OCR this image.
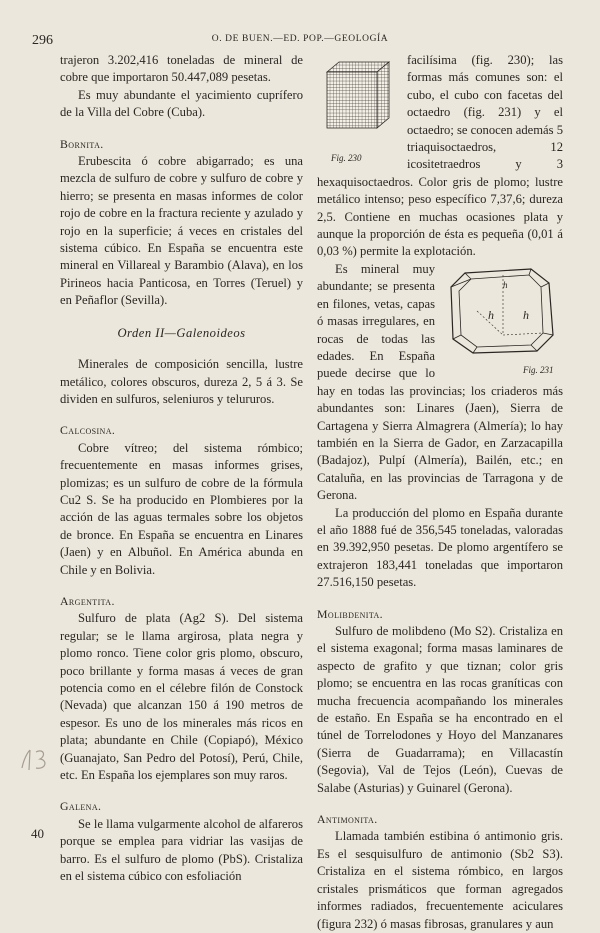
296	O. DE BUEN.—ED. POP.—GEOLOGÍA

trajeron 3.202,416 toneladas de mineral de cobre que importaron 50.447,089 pesetas.

Es muy abundante el yacimiento cuprífero de la Villa del Cobre (Cuba).

Bornita.

Erubescita ó cobre abigarrado; es una mezcla de sulfuro de cobre y sulfuro de cobre y hierro; se presenta en masas informes de color rojo de cobre en la fractura reciente y azulado y rojo en la superficie; á veces en cristales del sistema cúbico. En España se encuentra este mineral en Villareal y Barambio (Alava), en los Pirineos hacia Panticosa, en Torres (Teruel) y en Peñaflor (Sevilla).

Orden II—Galenoideos

Minerales de composición sencilla, lustre metálico, colores obscuros, dureza 2, 5 á 3. Se dividen en sulfuros, seleniuros y telururos.

Calcosina.

Cobre vítreo; del sistema rómbico; frecuentemente en masas informes grises, plomizas; es un sulfuro de cobre de la fórmula Cu2 S. Se ha producido en Plombieres por la acción de las aguas termales sobre los objetos de bronce. En España se encuentra en Linares (Jaen) y en Albuñol. En América abunda en Chile y en Bolivia.

Argentita.

Sulfuro de plata (Ag2 S). Del sistema regular; se le llama argirosa, plata negra y plomo ronco. Tiene color gris plomo, obscuro, poco brillante y forma masas á veces de gran potencia como en el célebre filón de Constock (Nevada) que alcanzan 150 á 190 metros de espesor. Es uno de los minerales más ricos en plata; abundante en Chile (Copiapó), México (Guanajato, San Pedro del Potosí), Perú, Chile, etc. En España los ejemplares son muy raros.

Galena.

Se le llama vulgarmente alcohol de alfareros porque se emplea para vidriar las vasijas de barro. Es el sulfuro de plomo (PbS). Cristaliza en el sistema cúbico con esfoliación

Fig. 230

facilísima (fig. 230); las formas más comunes son: el cubo, el cubo con facetas del octaedro (fig. 231) y el octaedro; se conocen además 5 triaquisoctaedros, 12 icositetraedros y 3 hexaquisoctaedros. Color gris de plomo; lustre metálico intenso; peso específico 7,37,6; dureza 2,5. Contiene en muchas ocasiones plata y aunque la proporción de ésta es pequeña (0,01 á 0,03 %) permite la explotación.

h h
h
Fig. 231

Es mineral muy abundante; se presenta en filones, vetas, capas ó masas irregulares, en rocas de todas las edades. En España puede decirse que lo hay en todas las provincias; los criaderos más abundantes son: Linares (Jaen), Sierra de Cartagena y Sierra Almagrera (Almería); lo hay también en la Sierra de Gador, en Zarzacapilla (Badajoz), Pulpí (Almería), Bailén, etc.; en Cataluña, en las provincias de Tarragona y de Gerona.

La producción del plomo en España durante el año 1888 fué de 356,545 toneladas, valoradas en 39.392,950 pesetas. De plomo argentífero se extrajeron 183,441 toneladas que importaron 27.516,150 pesetas.

Molibdenita.

Sulfuro de molibdeno (Mo S2). Cristaliza en el sistema exagonal; forma masas laminares de aspecto de grafito y que tiznan; color gris plomo; se encuentra en las rocas graníticas con mucha frecuencia acompañando los minerales de estaño. En España se ha encontrado en el túnel de Torrelodones y Hoyo del Manzanares (Sierra de Guadarrama); en Villacastín (Segovia), Val de Tejos (León), Cuevas de Salabe (Asturias) y Guinarel (Gerona).

Antimonita.

Llamada también estibina ó antimonio gris. Es el sesquisulfuro de antimonio (Sb2 S3). Cristaliza en el sistema rómbico, en largos cristales prismáticos que forman agregados informes radiados, frecuentemente aciculares (figura 232) ó masas fibrosas, granulares y aun

40
